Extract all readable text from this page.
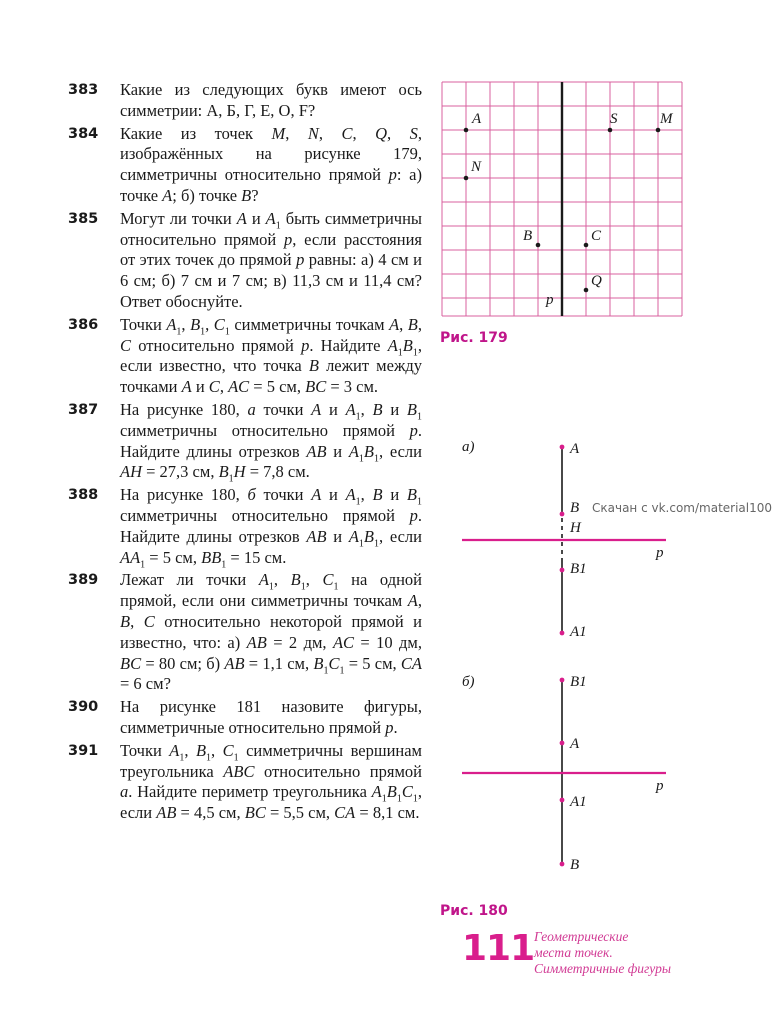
383	Какие из следующих букв имеют ось симметрии: А, Б, Г, Е, О, F?
384	Какие из точек M, N, C, Q, S, изображённых на рисунке 179, симметричны относительно прямой p: а) точке A; б) точке B?
385	Могут ли точки A и $A_1$ быть симметричны относительно прямой p, если расстояния от этих точек до прямой p равны: а) 4 см и 6 см; б) 7 см и 7 см; в) 11,3 см и 11,4 см? Ответ обоснуйте.
386	Точки $A_1$, $B_1$, $C_1$ симметричны точкам A, B, C относительно прямой p. Найдите $A_1B_1$, если известно, что точка B лежит между точками A и C, AC = 5 см, BC = 3 см.
387	На рисунке 180, а точки A и $A_1$, B и $B_1$ симметричны относительно прямой p. Найдите длины отрезков AB и $A_1B_1$, если AH = 27,3 см, $B_1H = 7,8$ см.
388	На рисунке 180, б точки A и $A_1$, B и $B_1$ симметричны относительно прямой p. Найдите длины отрезков AB и $A_1B_1$, если $AA_1 = 5$ см, $BB_1 = 15$ см.
389	Лежат ли точки $A_1$, $B_1$, $C_1$ на одной прямой, если они симметричны точкам A, B, C относительно некоторой прямой и известно, что: а) AB = 2 дм, AC = 10 дм, BC = 80 см; б) AB = 1,1 см, $B_1C_1 = 5$ см, CA = 6 см?
390	На рисунке 181 назовите фигуры, симметричные относительно прямой p.
391	Точки $A_1$, $B_1$, $C_1$ симметричны вершинам треугольника ABC относительно прямой a. Найдите периметр треугольника $A_1B_1C_1$, если AB = 4,5 см, BC = 5,5 см, CA = 8,1 см.
A	S	M
N
B	C
Q
p
Рис. 179
а)	A
B
H
p
B1
A1
б)	B1
A
p
A1
B
Рис. 180
Скачан с vk.com/material100
111 Геометрические
места точек.
Симметричные фигуры
